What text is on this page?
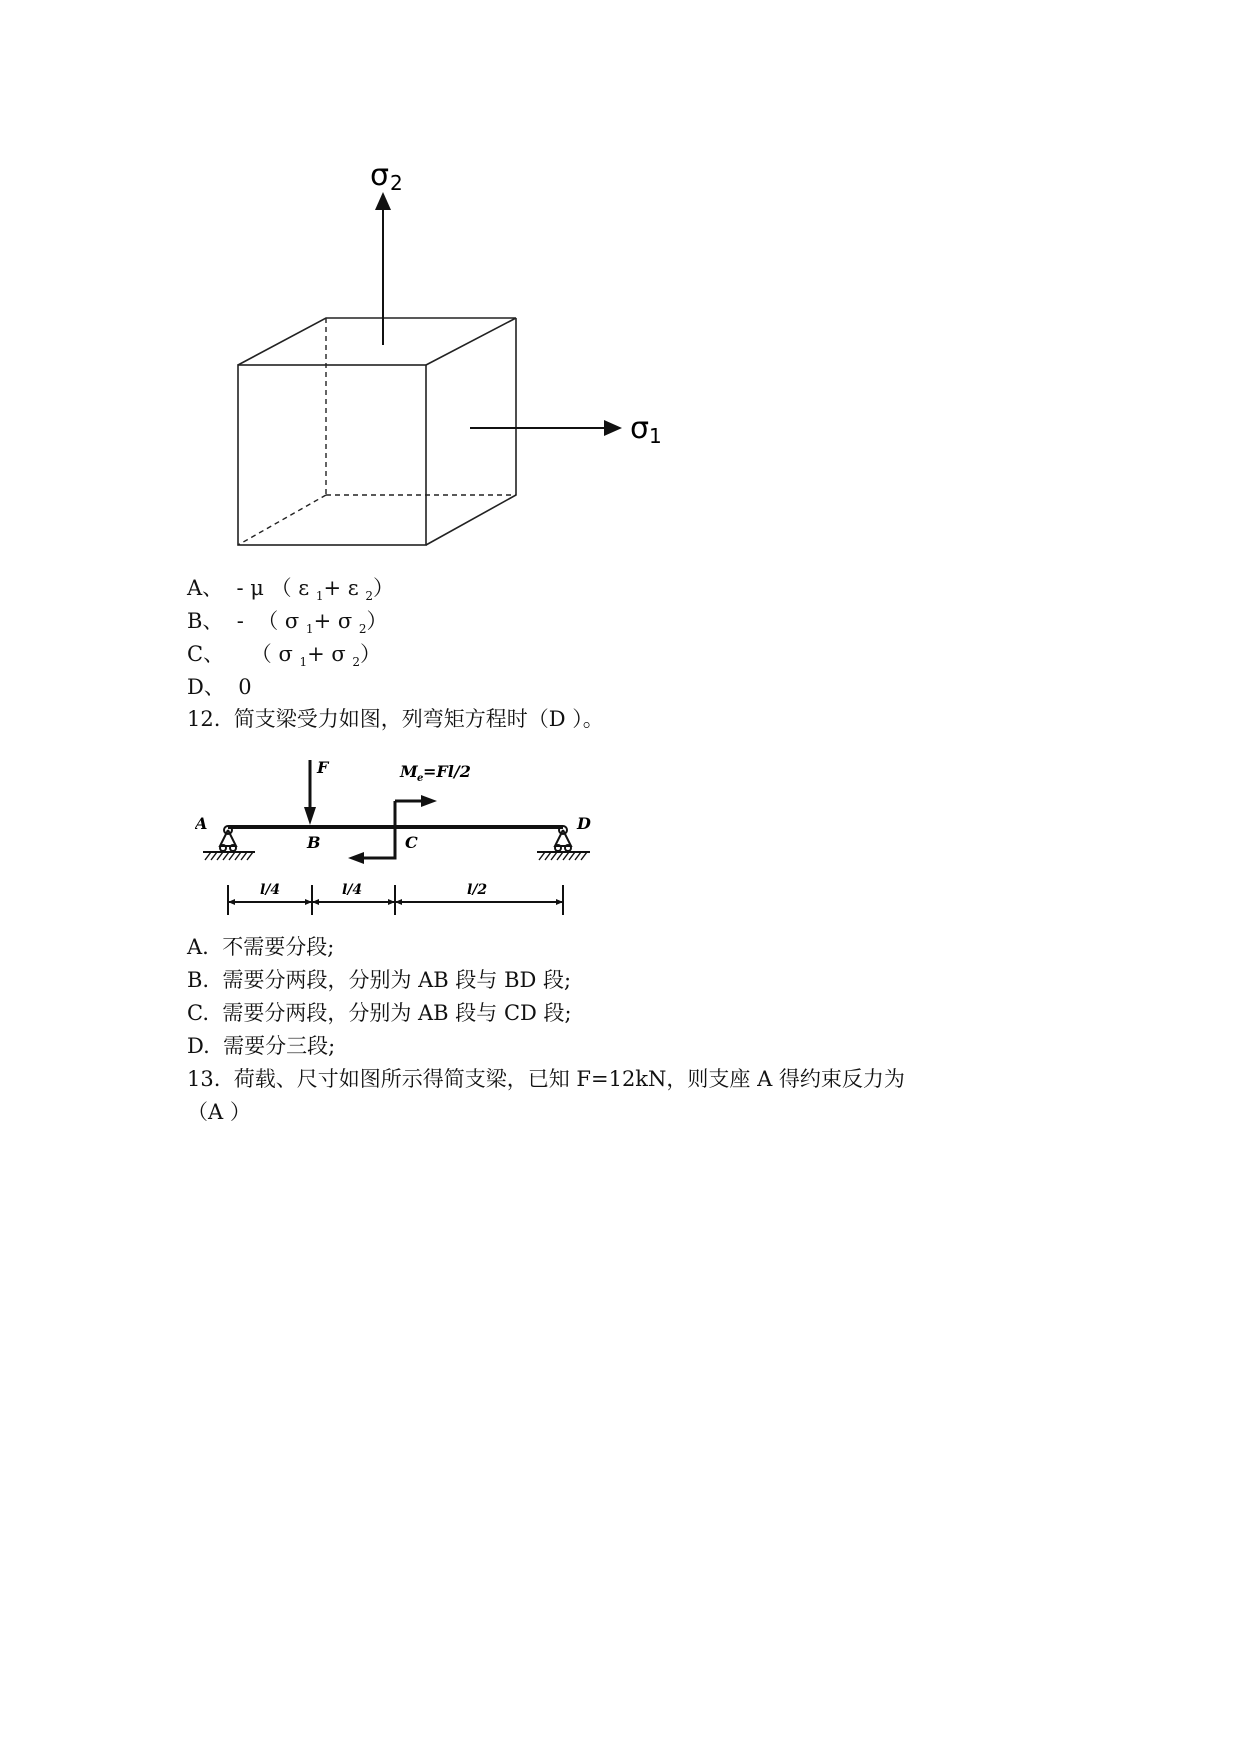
σ 2
σ 1
A、  - μ （ ε $_1$+ ε $_2$）
B、  -  （ σ $_1$+ σ $_2$）
C、    （ σ $_1$+ σ $_2$）
D、  0
12.  简支梁受力如图，列弯矩方程时（D ）。
F	M e =Fl/2
A
B	C
D
l/4	l/4	l/2
A.  不需要分段;
B.  需要分两段，分别为 AB 段与 BD 段;
C.  需要分两段，分别为 AB 段与 CD 段;
D.  需要分三段;
13.  荷载、尺寸如图所示得简支梁，已知 F=12kN，则支座 A 得约束反力为
（A ）
